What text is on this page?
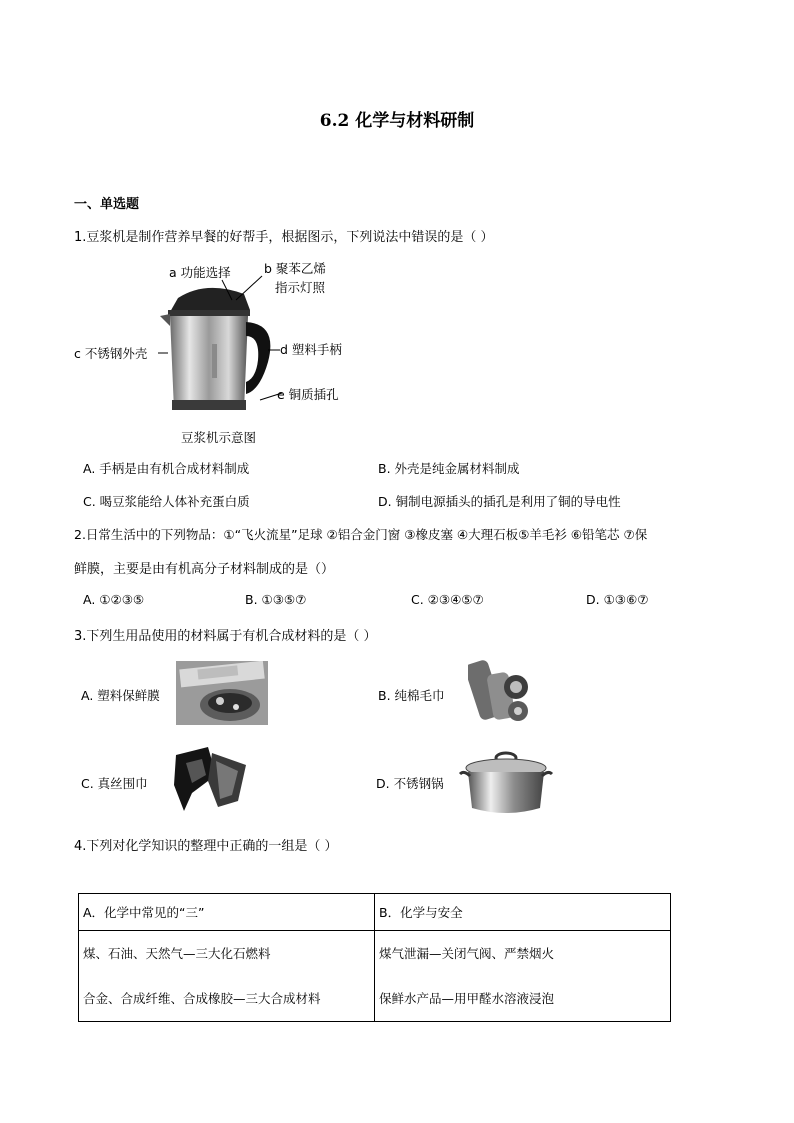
6.2 化学与材料研制
一、单选题
1.豆浆机是制作营养早餐的好帮手，根据图示，下列说法中错误的是（ ）
a 功能选择	b 聚苯乙烯
指示灯照
c 不锈钢外壳	d 塑料手柄
e 铜质插孔
豆浆机示意图
A. 手柄是由有机合成材料制成	B. 外壳是纯金属材料制成
C. 喝豆浆能给人体补充蛋白质	D. 铜制电源插头的插孔是利用了铜的导电性
2.日常生活中的下列物品：①“飞火流星”足球 ②铝合金门窗 ③橡皮塞 ④大理石板⑤羊毛衫 ⑥铅笔芯 ⑦保
鲜膜，主要是由有机高分子材料制成的是（）
A. ①②③⑤	B. ①③⑤⑦	C. ②③④⑤⑦	D. ①③⑥⑦
3.下列生用品使用的材料属于有机合成材料的是（ ）
A. 塑料保鲜膜	B. 纯棉毛巾
C. 真丝围巾	D. 不锈钢锅
4.下列对化学知识的整理中正确的一组是（ ）
A．化学中常见的“三”	B．化学与安全
煤、石油、天然气—三大化石燃料	煤气泄漏—关闭气阀、严禁烟火
合金、合成纤维、合成橡胶—三大合成材料	保鲜水产品—用甲醛水溶液浸泡
